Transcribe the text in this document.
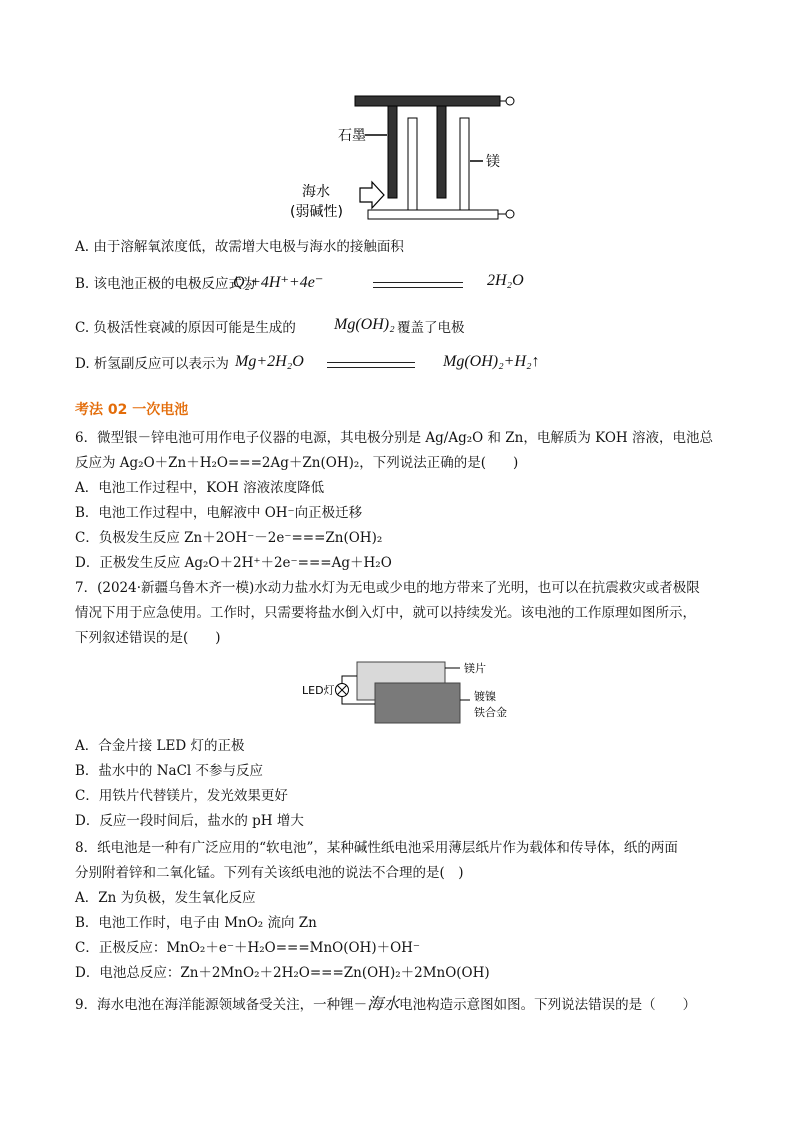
石墨
镁
海水
(弱碱性)
A. 由于溶解氧浓度低，故需增大电极与海水的接触面积
B. 该电池正极的电极反应式为
O₂+4H⁺+4e⁻	2H₂O
C. 负极活性衰减的原因可能是生成的 Mg(OH)₂ 覆盖了电极
D. 析氢副反应可以表示为 Mg+2H₂O	Mg(OH)₂+H₂↑
考法 02 一次电池
6．微型银－锌电池可用作电子仪器的电源，其电极分别是 Ag/Ag₂O 和 Zn，电解质为 KOH 溶液，电池总
反应为 Ag₂O＋Zn＋H₂O===2Ag＋Zn(OH)₂，下列说法正确的是(　　)
A．电池工作过程中，KOH 溶液浓度降低
B．电池工作过程中，电解液中 OH⁻向正极迁移
C．负极发生反应 Zn＋2OH⁻－2e⁻===Zn(OH)₂
D．正极发生反应 Ag₂O＋2H⁺＋2e⁻===Ag＋H₂O
7．(2024·新疆乌鲁木齐一模)水动力盐水灯为无电或少电的地方带来了光明，也可以在抗震救灾或者极限
情况下用于应急使用。工作时，只需要将盐水倒入灯中，就可以持续发光。该电池的工作原理如图所示，
下列叙述错误的是(　　)
LED灯
镁片
镀镍
铁合金
A．合金片接 LED 灯的正极
B．盐水中的 NaCl 不参与反应
C．用铁片代替镁片，发光效果更好
D．反应一段时间后，盐水的 pH 增大
8．纸电池是一种有广泛应用的“软电池”，某种碱性纸电池采用薄层纸片作为载体和传导体，纸的两面
分别附着锌和二氧化锰。下列有关该纸电池的说法不合理的是(　)
A．Zn 为负极，发生氧化反应
B．电池工作时，电子由 MnO₂ 流向 Zn
C．正极反应：MnO₂＋e⁻＋H₂O===MnO(OH)＋OH⁻
D．电池总反应：Zn＋2MnO₂＋2H₂O===Zn(OH)₂＋2MnO(OH)
9．海水电池在海洋能源领域备受关注，一种锂－海水电池构造示意图如图。下列说法错误的是（　　）
